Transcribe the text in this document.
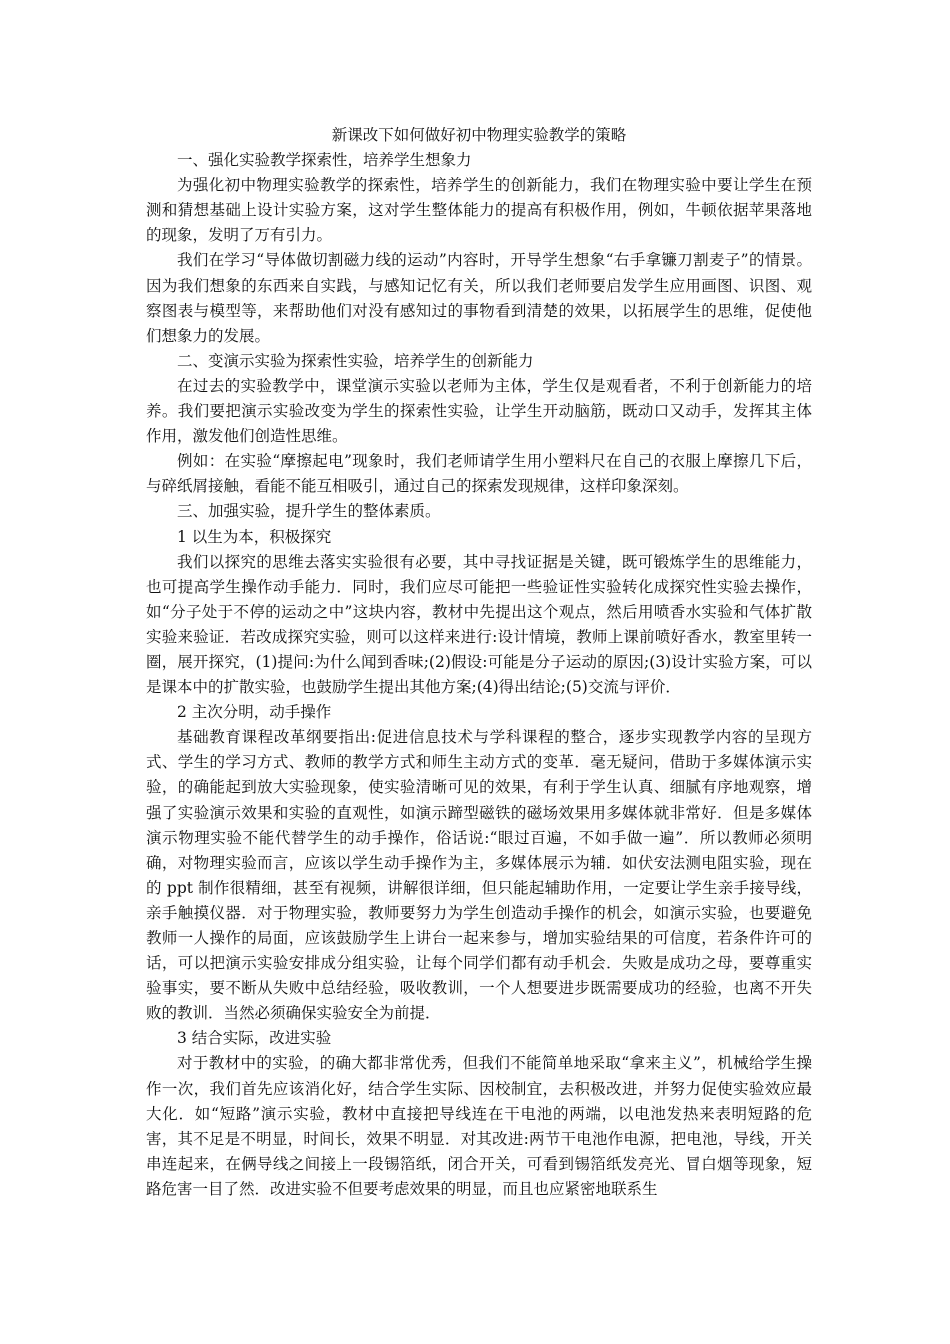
新课改下如何做好初中物理实验教学的策略

一、强化实验教学探索性，培养学生想象力

为强化初中物理实验教学的探索性，培养学生的创新能力，我们在物理实验中要让学生在预测和猜想基础上设计实验方案，这对学生整体能力的提高有积极作用，例如，牛顿依据苹果落地的现象，发明了万有引力。

我们在学习“导体做切割磁力线的运动”内容时，开导学生想象“右手拿镰刀割麦子”的情景。因为我们想象的东西来自实践，与感知记忆有关，所以我们老师要启发学生应用画图、识图、观察图表与模型等，来帮助他们对没有感知过的事物看到清楚的效果，以拓展学生的思维，促使他们想象力的发展。

二、变演示实验为探索性实验，培养学生的创新能力

在过去的实验教学中，课堂演示实验以老师为主体，学生仅是观看者，不利于创新能力的培养。我们要把演示实验改变为学生的探索性实验，让学生开动脑筋，既动口又动手，发挥其主体作用，激发他们创造性思维。

例如：在实验“摩擦起电”现象时，我们老师请学生用小塑料尺在自己的衣服上摩擦几下后，与碎纸屑接触，看能不能互相吸引，通过自己的探索发现规律，这样印象深刻。

三、加强实验，提升学生的整体素质。

1 以生为本，积极探究

我们以探究的思维去落实实验很有必要，其中寻找证据是关键，既可锻炼学生的思维能力，也可提高学生操作动手能力．同时，我们应尽可能把一些验证性实验转化成探究性实验去操作，如“分子处于不停的运动之中”这块内容，教材中先提出这个观点，然后用喷香水实验和气体扩散实验来验证．若改成探究实验，则可以这样来进行:设计情境，教师上课前喷好香水，教室里转一圈，展开探究，(1)提问:为什么闻到香味;(2)假设:可能是分子运动的原因;(3)设计实验方案，可以是课本中的扩散实验，也鼓励学生提出其他方案;(4)得出结论;(5)交流与评价．

2 主次分明，动手操作

基础教育课程改革纲要指出:促进信息技术与学科课程的整合，逐步实现教学内容的呈现方式、学生的学习方式、教师的教学方式和师生主动方式的变革．毫无疑问，借助于多媒体演示实验，的确能起到放大实验现象，使实验清晰可见的效果，有利于学生认真、细腻有序地观察，增强了实验演示效果和实验的直观性，如演示蹄型磁铁的磁场效果用多媒体就非常好．但是多媒体演示物理实验不能代替学生的动手操作，俗话说:“眼过百遍，不如手做一遍”．所以教师必须明确，对物理实验而言，应该以学生动手操作为主，多媒体展示为辅．如伏安法测电阻实验，现在的 ppt 制作很精细，甚至有视频，讲解很详细，但只能起辅助作用，一定要让学生亲手接导线，亲手触摸仪器．对于物理实验，教师要努力为学生创造动手操作的机会，如演示实验，也要避免教师一人操作的局面，应该鼓励学生上讲台一起来参与，增加实验结果的可信度，若条件许可的话，可以把演示实验安排成分组实验，让每个同学们都有动手机会．失败是成功之母，要尊重实验事实，要不断从失败中总结经验，吸收教训，一个人想要进步既需要成功的经验，也离不开失败的教训．当然必须确保实验安全为前提．

3 结合实际，改进实验

对于教材中的实验，的确大都非常优秀，但我们不能简单地采取“拿来主义”，机械给学生操作一次，我们首先应该消化好，结合学生实际、因校制宜，去积极改进，并努力促使实验效应最大化．如“短路”演示实验，教材中直接把导线连在干电池的两端，以电池发热来表明短路的危害，其不足是不明显，时间长，效果不明显．对其改进:两节干电池作电源，把电池，导线，开关串连起来，在俩导线之间接上一段锡箔纸，闭合开关，可看到锡箔纸发亮光、冒白烟等现象，短路危害一目了然．改进实验不但要考虑效果的明显，而且也应紧密地联系生
